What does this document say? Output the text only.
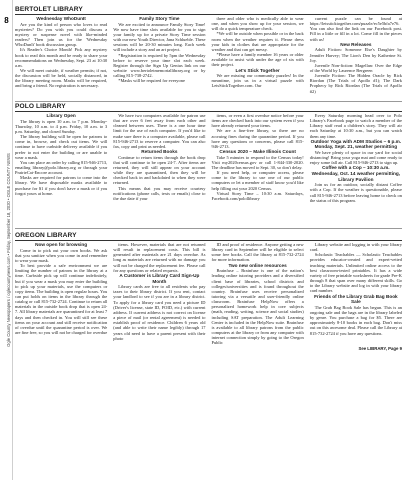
8
Ogle County Newspapers / oglecountynews.com • Friday, September 18, 2020 • OGLE COUNTY NEWS
BERTOLET LIBRARY
Wednesday WhoDunIt

Are you the kind of person who loves to read mysteries? Do you wish you could discuss a mystery or suspense novel with like-minded readers? Then join us for the 'Wednesday WhoDunIt' book discussion group.

It's Reader's Choice Month! Pick any mystery book to read this month and be ready to share your recommendations on Wednesday, Sept. 23 at 10:30 a.m.

We will meet outside, if weather permits; if not, the discussion will be held, socially distanced, in the library meeting room. Masks will be required, and bring a friend. No registration is necessary.

Family Story Time

We are excited to announce Family Story Time! We now have time slots available for you to sign your family up for a private Story Time session with our new Youth Director, Jana Schlueble. These sessions will be 20-30 minutes long. Each week will include a story and an art project.

*Registration is required by 5pm the Wednesday before to reserve your time slot each week. Register through the Sign Up Genius link on our website www.bertoletmemoriallibrary.org or by calling 815-738-2742.

*Masks will be required for everyone

three and older who is medically able to wear one, and when you show up for your session, we will do a quick temperature check.

*We will be outside when possible or in the back room when the weather requires it. Please dress your kids in clothes that are appropriate for the weather and that can get messy.

*Please have a family member 16 years or older available to assist with under the age of six with their project.

Let's Stick Together

We are missing our community puzzles! In the meantime, join us in a virtual puzzle with LetsStickTogether.com. Our

current puzzle can be found at https://letssticktogether.com/puzzle/ec5e5bfa7e76. You can also find the link on our Facebook post. Fill in a little or fill in a lot. Come fill in the pieces with us!

New Releases

Adult Fiction: Someone Else's Daughter by Jennifer Harvey; The Lion's Den by Katherine St. Joy.

Juvenile Non-fiction: Magellan: Over the Edge of the World by Laurence Bergreen

Juvenile Fiction: The Hidden Oracle by Rick Riordan (The Trials of Apollo #1); The Dark Prophecy by Rick Riordan (The Trials of Apollo #2)

POLO LIBRARY
Library Open

The library is open 10 a.m. to 7 p.m. Monday-Thursday, 10 a.m. to 4 p.m. Friday, 10 a.m. to 3 p.m. Saturday, and closed Sunday.

The library building will be open for patrons to come in, browse, and check out items. We will continue to have curbside delivery available if you prefer to not enter the building or are unable to wear a mask.

You can place an order by calling 815-946-2713, emailing library@polo.library.org or through your PrairieCat-Encore account.

Masks are required for patrons to come into the library. We have disposable masks available to purchase for $1 if you don't have a mask or if you forgot yours at home.

We have two computers available for patron use that are over 6 feet away from each other and cleaned between uses. There is a one hour time limit for the use of each computer. If you'd like to make sure there is a computer available, please call 815-946-2713 to reserve a computer. You can also fax, copy and print as needed.

Returned Books

Continue to return items through the book drop that will continue to be open 24-7. After items are returned, they will still appear on your account while they are quarantined, then they will be checked back in and backdated to when they were returned.

This means that you may receive courtesy notifications (phone calls, texts or emails) close to the due date if your

items, or even a first overdue notice before your items are checked back into our system even if you have already returned your items.

We are a fine-free library, so there are no accruing fines during the quarantine period. If you have any questions or concerns, please call 815-946-2713.

Census 2020 – Make Illinois Count

Take 5 minutes to respond to the Census today! Visit my2020census.gov or call 1-844-330-2020. The deadline has moved to Sept. 30, so don't delay.

If you need help, or computer access, please come to the library to use one of our public computers or let a member of staff know you'd like help filling out your 2020 Census.

Virtual Story Time – 10:30 a.m. Saturdays, Facebook.com/polollibrary

Every Saturday morning head over to Polo Library's Facebook page to watch a member of the Library staff read a children's story. They will air each Saturday at 10:30 a.m., but you can watch them any time.

Outdoor Yoga with ADM Studios – 6 p.m. Monday, Sept. 21, weather permitting

We have plenty of space in our yard for social distancing! Bring your yoga mat and come ready to enjoy some fall air. Call 815-946-2713 to sign up.

Coffee with a Cop – 10:30 a.m. Wednesday, Oct. 14 weather permitting, Library Pavilion

Join us for an outdoor, socially distant Coffee with a Cop. If the weather is questionable, please call 815-946-2713 before leaving home to check on the status of this program.

OREGON LIBRARY
Now open for browsing

Come in to pick out your own books. We ask that you sanitize when you come in and remember to wear your mask.

To best provide a safe environment we are limiting the number of patrons in the library at a time. Curbside pick up will continue indefinitely, but if you wear a mask you may enter the building to pick up your materials, use the computers or copy items. The building is open regular hours. You can put holds on items in the library through the catalog or call 815-732-2724. Continue to return all materials in the outside book drop that is open 24-7. All library materials are quarantined for at least 7 days and then checked in. You will still see these items on your account and still receive notification of overdue until the quarantine period is over. We are fine free, so you will not be charged for overdue

items. However, materials that are not returned will result in replacement costs. This bill is generated after materials are 21 days overdue. As long as materials are returned with no damage you will not be charged the replacement fee. Please call for any questions or related requests.

A Customer is Library Card Sign-Up Month

Library cards are free to all residents who pay taxes to their library district. If you rent, contact your landlord to see if you are in a library district. To apply for a library card you need a picture ID (Driver's license, state ID, FOID, etc.) with current address. If current address is not correct on license a piece of mail (or rental agreement) is needed to establish proof of residence. Children 6 years old (and able to write their name legibly) through 17 years old need to have a parent present with their photo

ID and proof of residence. Anyone getting a new library card in September will be eligible to select some free books. Call the library at 815-732-2724 for more information.

Two new online resources

Brainfuse – Brainfuse is one of the nation's leading online tutoring providers and a diversified client base of libraries, school districts and colleges/universities and is found throughout the country. Brainfuse uses receive personalized tutoring via a versatile and user-friendly online classroom. Brainfuse HelpNow offers a personalized homework help in core subjects (math, reading, writing, science and social studies) including SAT preparation. The Adult Learning Center is included in the HelpNow suite. Brainfuse is available to all library patrons from the public computers at the library or from any computer with internet connection simply by going to the Oregon Public

Library website and logging in with your library card.

Scholastic Teachables — Scholastic Teachables provides educator-created and expert-vetted teaching materials. Unlimited online access to the best classroom-tested printables. It has a wide variety of free printable worksheets for grade Pre-K through 8 that span over many different skills. Go to the Library website and log in with your library card number.

Friends of the Library Grab Bag Book Sale

The Grab Bag Book Sale has begun. This is an ongoing sale and the bags are in the library labeled by genre. You purchase a bag for $5. There are approximately 8-10 books in each bag. Don't miss out on this awesome deal. Please call the Library at 815-732-2724 if you have any questions.

See LIBRARY, Page 9
